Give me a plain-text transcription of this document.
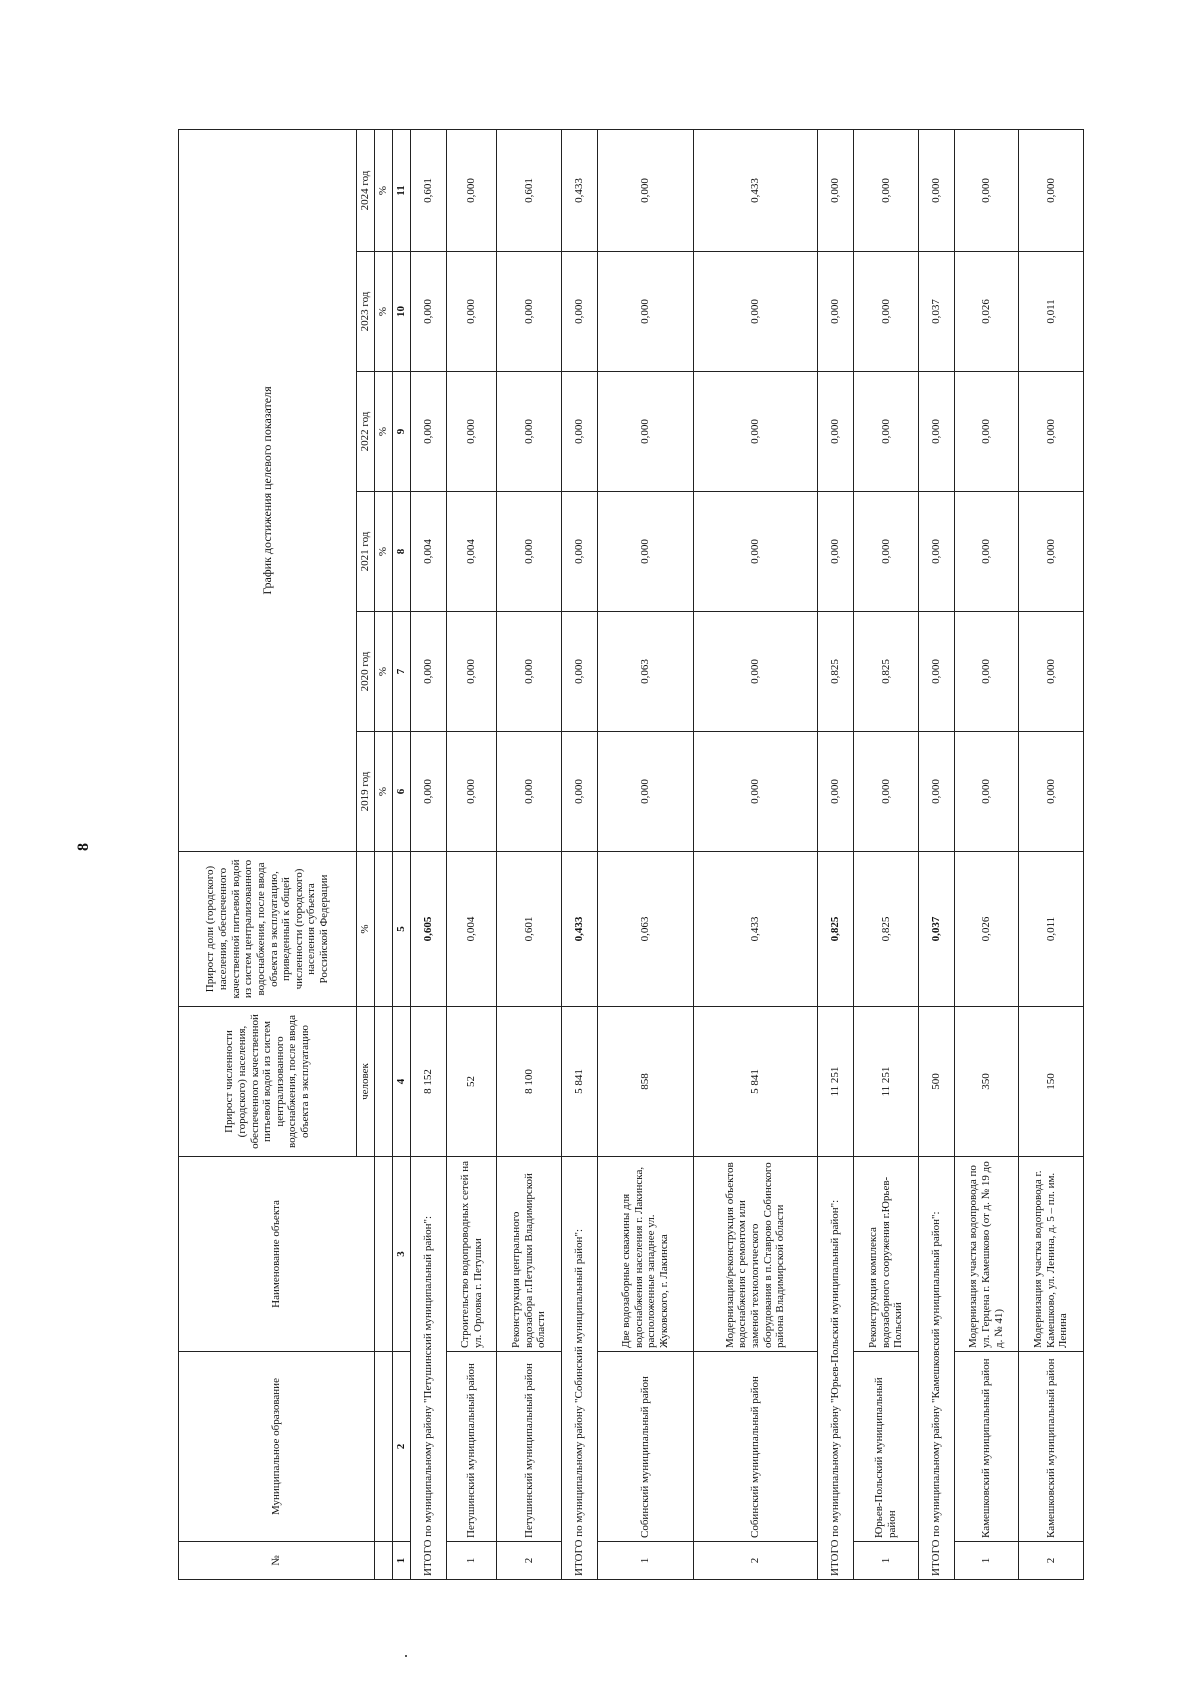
8
№	Муниципальное образование	Наименование объекта	Прирост численности (городского) населения, обеспеченного качественной питьевой водой из систем централизованного водоснабжения, после ввода объекта в эксплуатацию	Прирост доли (городского) населения, обеспеченного качественной питьевой водой из систем централизованного водоснабжения, после ввода объекта в эксплуатацию, приведенный к общей численности (городского) населения субъекта Российской Федерации	График достижения целевого показателя					

			человек	%	2019 год	2020 год	2021 год	2022 год	2023 год	2024 год
					%	%	%	%	%	%
1	2	3	4	5	6	7	8	9	10	11
ИТОГО по муниципальному району "Петушинский муниципальный район":			8 152	0,605	0,000	0,000	0,004	0,000	0,000	0,601
1	Петушинский муниципальный район	Строительство водопроводных сетей на ул. Орловка г. Петушки	52	0,004	0,000	0,000	0,004	0,000	0,000	0,000
2	Петушинский муниципальный район	Реконструкция центрального водозабора г.Петушки Владимирской области	8 100	0,601	0,000	0,000	0,000	0,000	0,000	0,601
ИТОГО по муниципальному району "Собинский муниципальный район":			5 841	0,433	0,000	0,000	0,000	0,000	0,000	0,433
1	Собинский муниципальный район	Две водозаборные скважины для водоснабжения населения г. Лакинска, расположенные западнее ул. Жуковского, г. Лакинска	858	0,063	0,000	0,063	0,000	0,000	0,000	0,000
2	Собинский муниципальный район	Модернизация/реконструкция объектов водоснабжения с ремонтом или заменой технологического оборудования в п.Ставрово Собинского района Владимирской области	5 841	0,433	0,000	0,000	0,000	0,000	0,000	0,433
ИТОГО по муниципальному району "Юрьев-Польский муниципальный район":			11 251	0,825	0,000	0,825	0,000	0,000	0,000	0,000
1	Юрьев-Польский муниципальный район	Реконструкция комплекса водозаборного сооружения г.Юрьев-Польский	11 251	0,825	0,000	0,825	0,000	0,000	0,000	0,000
ИТОГО по муниципальному району "Камешковский муниципальный район":			500	0,037	0,000	0,000	0,000	0,000	0,037	0,000
1	Камешковский муниципальный район	Модернизация участка водопровода по ул. Герцена г. Камешково (от д. № 19 до д. № 41)	350	0,026	0,000	0,000	0,000	0,000	0,026	0,000
2	Камешковский муниципальный район	Модернизация участка водопровода г. Камешково, ул. Ленина, д. 5 – пл. им. Ленина	150	0,011	0,000	0,000	0,000	0,000	0,011	0,000
